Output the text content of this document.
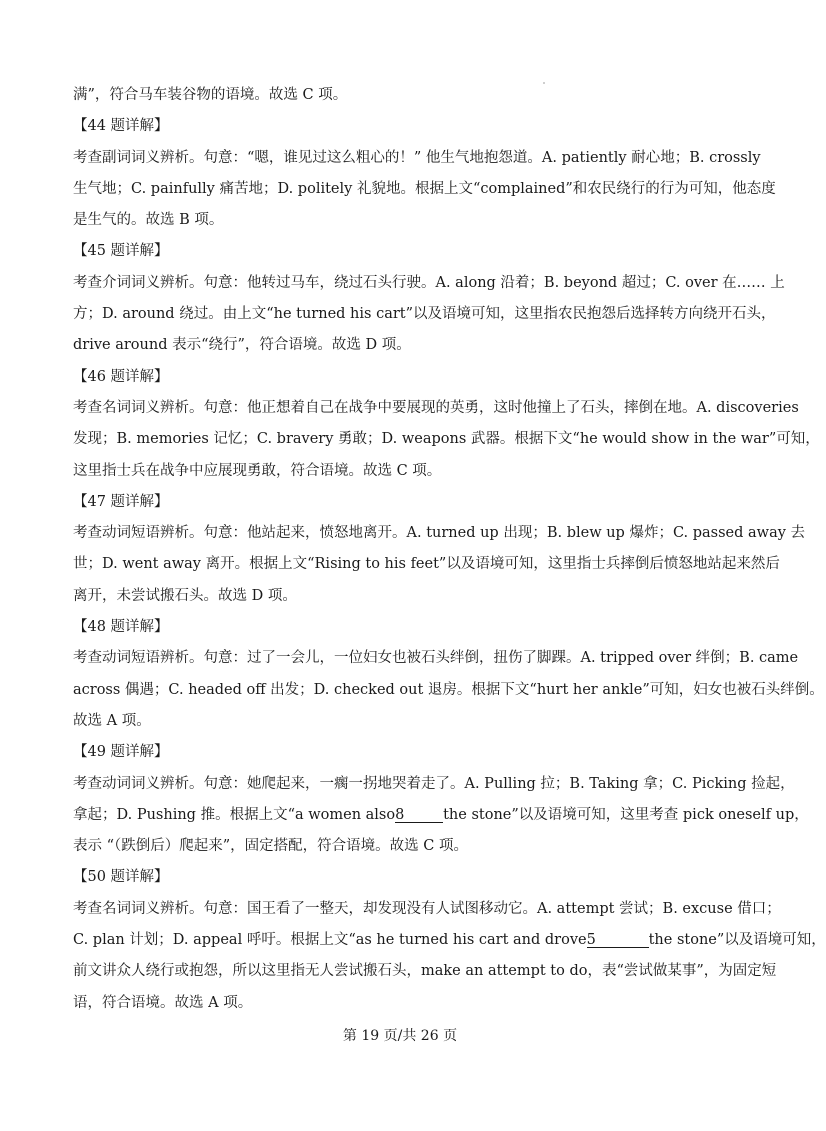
满”，符合马车装谷物的语境。故选 C 项。
【44 题详解】
考查副词词义辨析。句意：“嗯，谁见过这么粗心的！” 他生气地抱怨道。A. patiently 耐心地；B. crossly
生气地；C. painfully 痛苦地；D. politely 礼貌地。根据上文“complained”和农民绕行的行为可知，他态度
是生气的。故选 B 项。
【45 题详解】
考查介词词义辨析。句意：他转过马车，绕过石头行驶。A. along 沿着；B. beyond 超过；C. over 在…… 上
方；D. around 绕过。由上文“he turned his cart”以及语境可知，这里指农民抱怨后选择转方向绕开石头，
drive around 表示“绕行”，符合语境。故选 D 项。
【46 题详解】
考查名词词义辨析。句意：他正想着自己在战争中要展现的英勇，这时他撞上了石头，摔倒在地。A. discoveries
发现；B. memories 记忆；C. bravery 勇敢；D. weapons 武器。根据下文“he would show in the war”可知，
这里指士兵在战争中应展现勇敢，符合语境。故选 C 项。
【47 题详解】
考查动词短语辨析。句意：他站起来，愤怒地离开。A. turned up 出现；B. blew up 爆炸；C. passed away 去
世；D. went away 离开。根据上文“Rising to his feet”以及语境可知，这里指士兵摔倒后愤怒地站起来然后
离开，未尝试搬石头。故选 D 项。
【48 题详解】
考查动词短语辨析。句意：过了一会儿，一位妇女也被石头绊倒，扭伤了脚踝。A. tripped over 绊倒；B. came
across 偶遇；C. headed off 出发；D. checked out 退房。根据下文“hurt her ankle”可知，妇女也被石头绊倒。
故选 A 项。
【49 题详解】
考查动词词义辨析。句意：她爬起来，一瘸一拐地哭着走了。A. Pulling 拉；B. Taking 拿；C. Picking 捡起，
拿起；D. Pushing 推。根据上文“a women also8	the stone”以及语境可知，这里考查 pick oneself up，
表示 “（跌倒后）爬起来”，固定搭配，符合语境。故选 C 项。
【50 题详解】
考查名词词义辨析。句意：国王看了一整天，却发现没有人试图移动它。A. attempt 尝试；B. excuse 借口；
C. plan 计划；D. appeal 呼吁。根据上文“as he turned his cart and drove5	the stone”以及语境可知，
前文讲众人绕行或抱怨，所以这里指无人尝试搬石头，make an attempt to do，表“尝试做某事”，为固定短
语，符合语境。故选 A 项。
第 19 页/共 26 页
